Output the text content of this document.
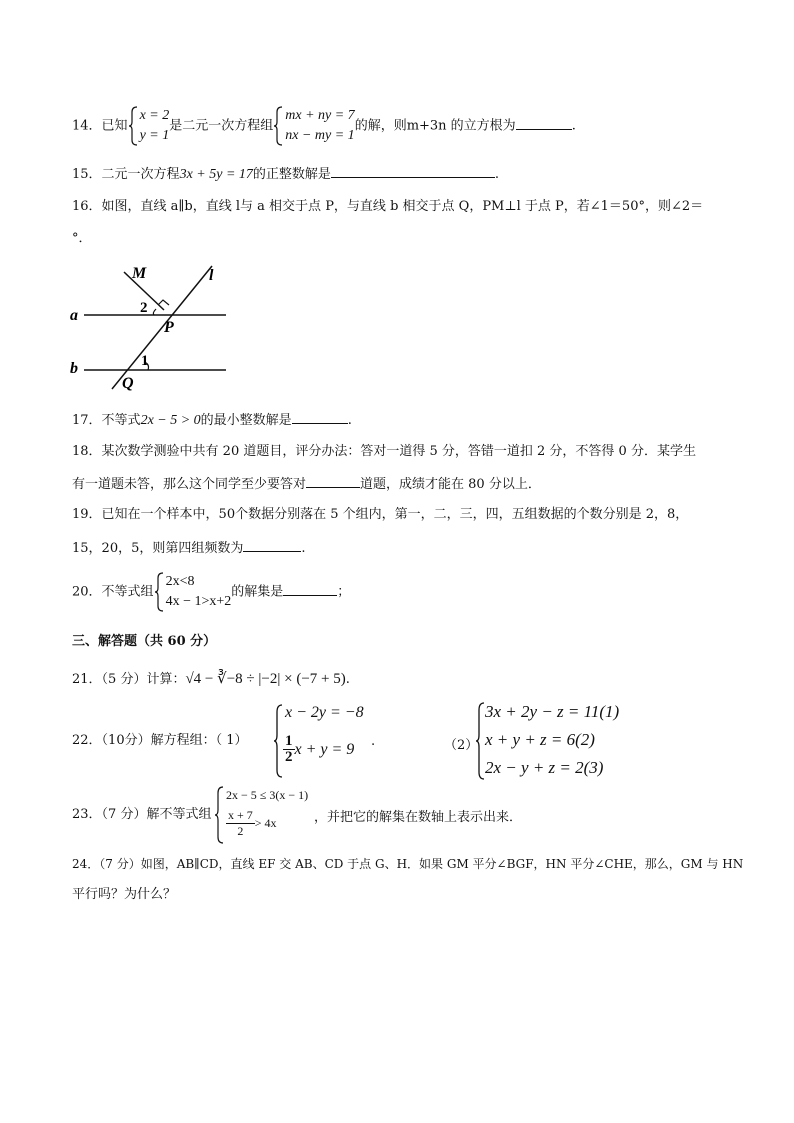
14．已知
x = 2
y = 1
是二元一次方程组
mx + ny = 7
nx − my = 1
的解，则m+3n 的立方根为	.
15．二元一次方程3x + 5y = 17的正整数解是	.
16．如图，直线 a∥b，直线 l与 a 相交于点 P，与直线 b 相交于点 Q，PM⊥l 于点 P，若∠1＝50°，则∠2＝
°．
M	l
a
b
P
Q
1
2
17．不等式2x − 5 > 0的最小整数解是	.
18．某次数学测验中共有 20 道题目，评分办法：答对一道得 5 分，答错一道扣 2 分，不答得 0 分．某学生
有一道题未答，那么这个同学至少要答对	道题，成绩才能在 80 分以上．
19．已知在一个样本中，50个数据分别落在 5 个组内，第一，二，三，四，五组数据的个数分别是 2，8，
15，20，5，则第四组频数为	.
20．不等式组
2x<8
4x − 1>x+2
的解集是	；
三、解答题（共 60 分）
21．（5 分）计算：√4 − ∛−8 ÷ |−2| × (−7 + 5).
22．（10分）解方程组：（ 1）
x − 2y = −8
$\frac{1}{2}$ x + y = 9 .	（2）
3x + 2y − z = 11(1)
x + y + z = 6(2)
2x − y + z = 2(3)
23．（7 分）解不等式组
2x − 5 ≤ 3(x − 1)
$\frac{x + 7}{2} > 4x$	，并把它的解集在数轴上表示出来．
24．（7 分）如图，AB∥CD，直线 EF 交 AB、CD 于点 G、H．如果 GM 平分∠BGF，HN 平分∠CHE，那么，GM 与 HN
平行吗？为什么？
